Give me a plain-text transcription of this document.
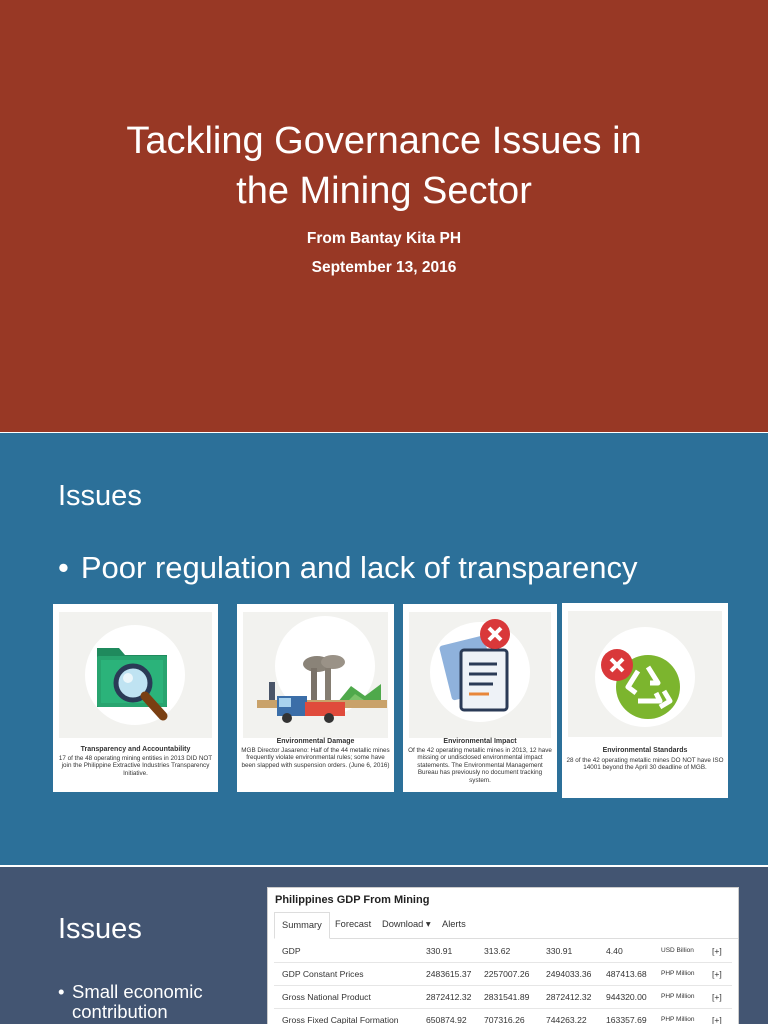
Tackling Governance Issues in
the Mining Sector
From Bantay Kita PH
September 13, 2016
Issues
• Poor regulation and lack of transparency
Transparency and Accountability
17 of the 48 operating mining entities in 2013 DID NOT join the Philippine Extractive Industries Transparency Initiative.
Environmental Damage
MGB Director Jasareno: Half of the 44 metallic mines frequently violate environmental rules; some have been slapped with suspension orders. (June 6, 2016)
Environmental Impact
Of the 42 operating metallic mines in 2013, 12 have missing or undisclosed environmental impact statements. The Environmental Management Bureau has previously no document tracking system.
Environmental Standards
28 of the 42 operating metallic mines DO NOT have ISO 14001 beyond the April 30 deadline of MGB.
Issues
• Small economic
contribution
Philippines GDP From Mining
Summary	Forecast	Download ▾	Alerts
GDP	330.91	313.62	330.91	4.40	USD Billion [+]
GDP Constant Prices	2483615.37 2257007.26 2494033.36 487413.68 PHP Million [+]
Gross National Product	2872412.32 2831541.89 2872412.32 944320.00 PHP Million [+]
Gross Fixed Capital Formation	650874.92 707316.26 744263.22 163357.69 PHP Million [+]
